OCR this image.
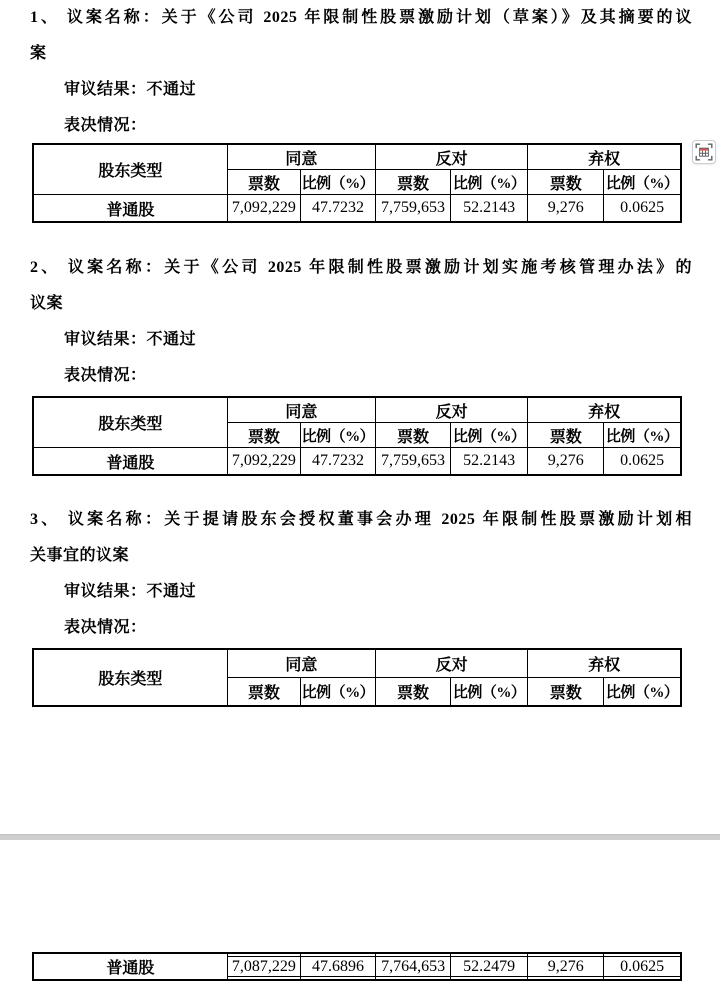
1、 议案名称：关于《公司 2025 年限制性股票激励计划（草案）》及其摘要的议
案
审议结果：不通过
表决情况：
股东类型	同意		反对		弃权	
	票数	比例（%）	票数	比例（%）	票数	比例（%）
普通股	7,092,229	47.7232	7,759,653	52.2143	9,276	0.0625
2、 议案名称：关于《公司 2025 年限制性股票激励计划实施考核管理办法》的
议案
审议结果：不通过
表决情况：
股东类型	同意		反对		弃权	
	票数	比例（%）	票数	比例（%）	票数	比例（%）
普通股	7,092,229	47.7232	7,759,653	52.2143	9,276	0.0625
3、 议案名称：关于提请股东会授权董事会办理 2025 年限制性股票激励计划相
关事宜的议案
审议结果：不通过
表决情况：
股东类型	同意		反对		弃权	
	票数	比例（%）	票数	比例（%）	票数	比例（%）
普通股	7,087,229	47.6896	7,764,653	52.2479	9,276	0.0625
